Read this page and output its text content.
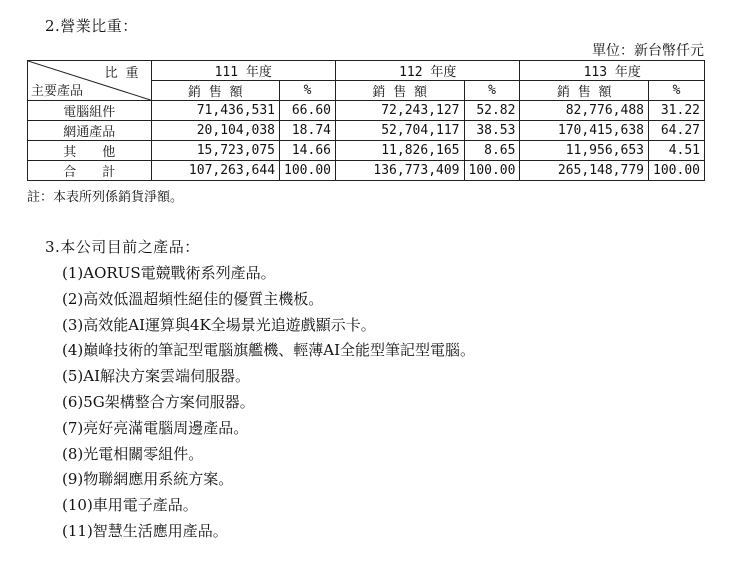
2.營業比重：
單位：新台幣仟元
比 重
主要產品	111 年度		112 年度		113 年度	
	銷 售 額	%	銷 售 額	%	銷 售 額	%
電腦組件	71,436,531	66.60	72,243,127	52.82	82,776,488	31.22
網通產品	20,104,038	18.74	52,704,117	38.53	170,415,638	64.27
其　　他	15,723,075	14.66	11,826,165	8.65	11,956,653	4.51
合　　計	107,263,644	100.00	136,773,409	100.00	265,148,779	100.00
註：本表所列係銷貨淨額。
3.本公司目前之產品：
(1)AORUS電競戰術系列產品。
(2)高效低溫超頻性絕佳的優質主機板。
(3)高效能AI運算與4K全場景光追遊戲顯示卡。
(4)巔峰技術的筆記型電腦旗艦機、輕薄AI全能型筆記型電腦。
(5)AI解決方案雲端伺服器。
(6)5G架構整合方案伺服器。
(7)亮好亮滿電腦周邊產品。
(8)光電相關零組件。
(9)物聯網應用系統方案。
(10)車用電子產品。
(11)智慧生活應用產品。
